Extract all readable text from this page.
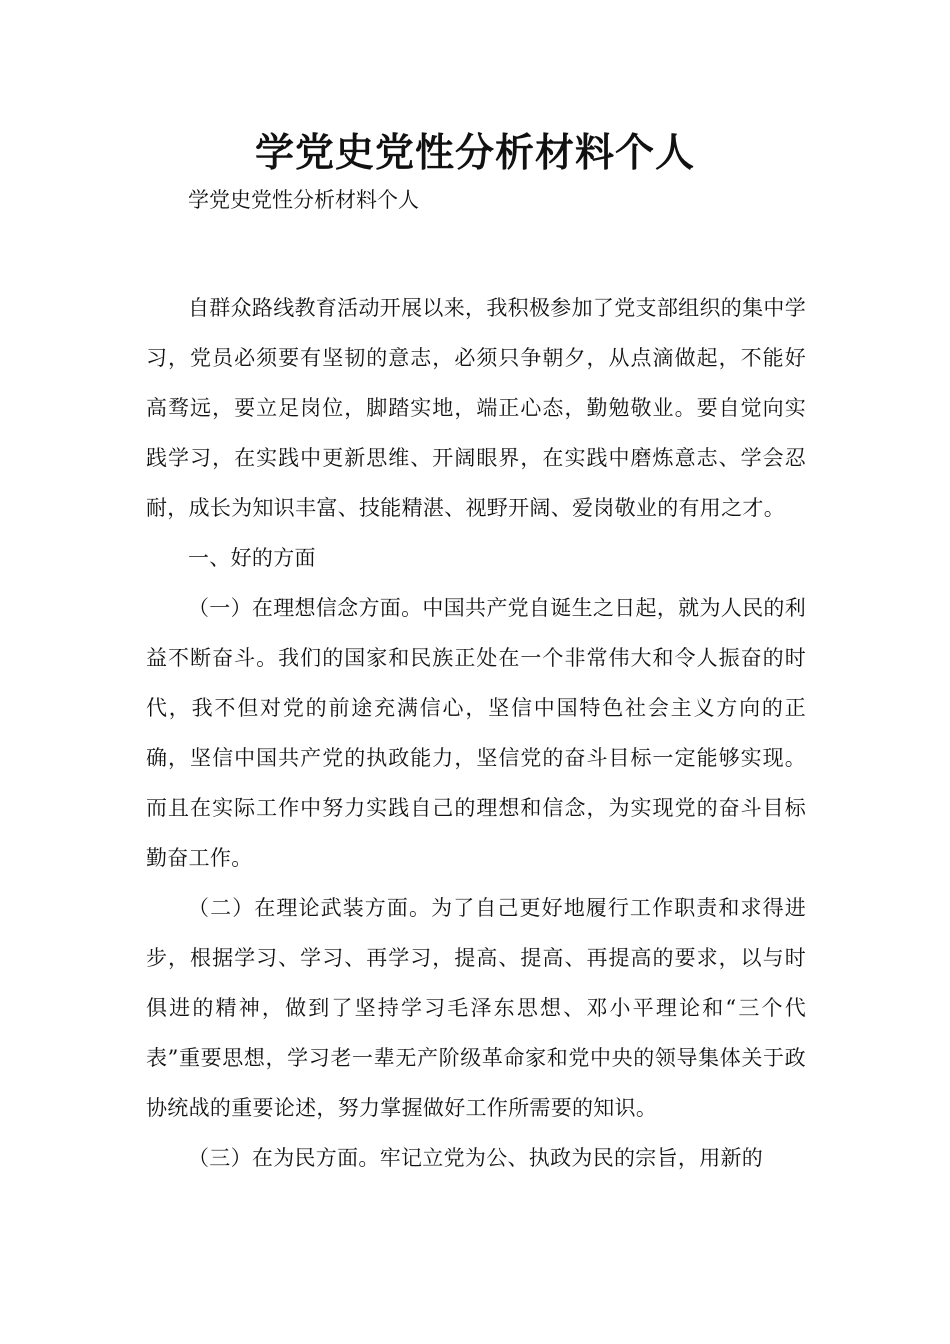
学党史党性分析材料个人

学党史党性分析材料个人

自群众路线教育活动开展以来，我积极参加了党支部组织的集中学习，党员必须要有坚韧的意志，必须只争朝夕，从点滴做起，不能好高骛远，要立足岗位，脚踏实地，端正心态，勤勉敬业。要自觉向实践学习，在实践中更新思维、开阔眼界，在实践中磨炼意志、学会忍耐，成长为知识丰富、技能精湛、视野开阔、爱岗敬业的有用之才。

一、好的方面

（一）在理想信念方面。中国共产党自诞生之日起，就为人民的利益不断奋斗。我们的国家和民族正处在一个非常伟大和令人振奋的时代，我不但对党的前途充满信心，坚信中国特色社会主义方向的正确，坚信中国共产党的执政能力，坚信党的奋斗目标一定能够实现。而且在实际工作中努力实践自己的理想和信念，为实现党的奋斗目标勤奋工作。

（二）在理论武装方面。为了自己更好地履行工作职责和求得进步，根据学习、学习、再学习，提高、提高、再提高的要求，以与时俱进的精神，做到了坚持学习毛泽东思想、邓小平理论和“三个代表”重要思想，学习老一辈无产阶级革命家和党中央的领导集体关于政协统战的重要论述，努力掌握做好工作所需要的知识。

（三）在为民方面。牢记立党为公、执政为民的宗旨，用新的
